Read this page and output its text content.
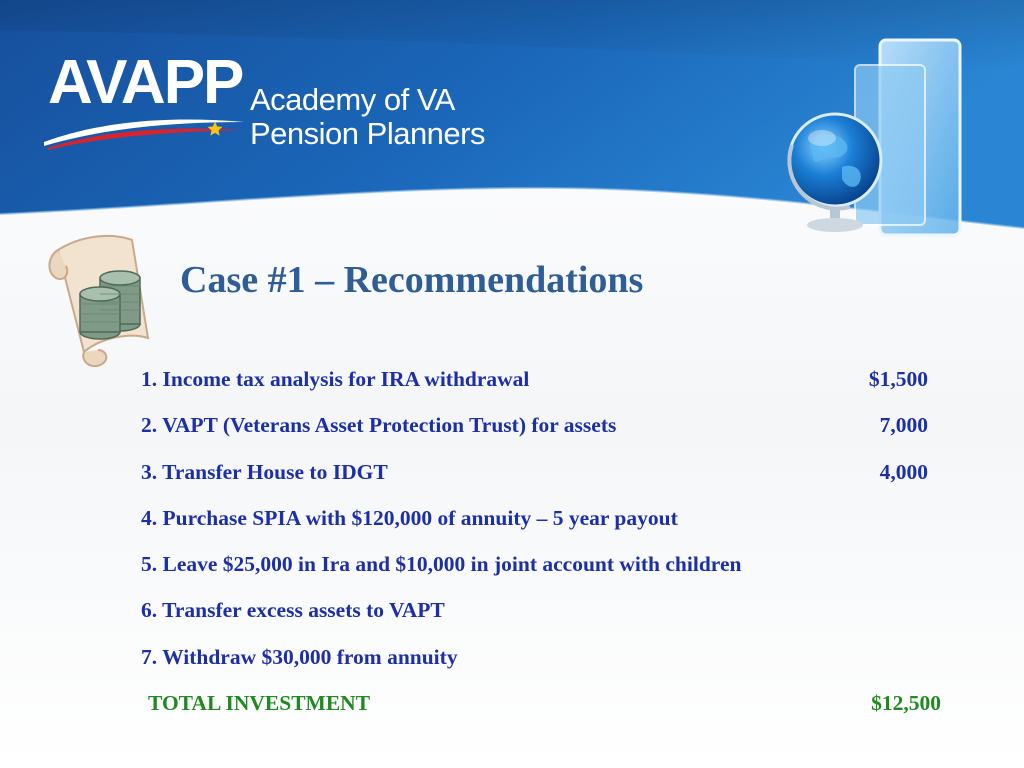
AVAPP Academy of VA
Pension Planners
Case #1 – Recommendations
1. Income tax analysis for IRA withdrawal	$1,500
2. VAPT (Veterans Asset Protection Trust) for assets	7,000
3. Transfer House to IDGT	4,000
4. Purchase SPIA with $120,000 of annuity – 5 year payout
5. Leave $25,000 in Ira and $10,000 in joint account with children
6. Transfer excess assets to VAPT
7. Withdraw $30,000 from annuity
TOTAL INVESTMENT	$12,500
